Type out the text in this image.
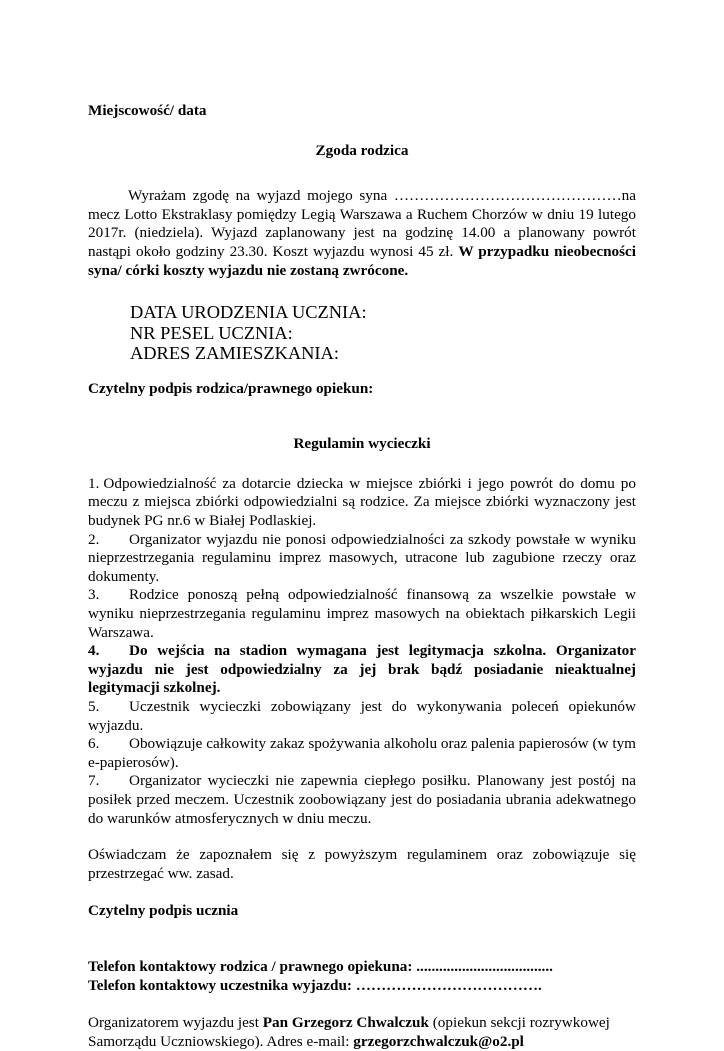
Miejscowość/ data

Zgoda rodzica

Wyrażam zgodę na wyjazd mojego syna ………………………………………na mecz Lotto Ekstraklasy pomiędzy Legią Warszawa a Ruchem Chorzów w dniu 19 lutego 2017r. (niedziela). Wyjazd zaplanowany jest na godzinę 14.00 a planowany powrót nastąpi około godziny 23.30. Koszt wyjazdu wynosi 45 zł. W przypadku nieobecności syna/ córki koszty wyjazdu nie zostaną zwrócone.

DATA URODZENIA UCZNIA:
NR PESEL UCZNIA:
ADRES ZAMIESZKANIA:

Czytelny podpis rodzica/prawnego opiekun:

Regulamin wycieczki

1. Odpowiedzialność za dotarcie dziecka w miejsce zbiórki i jego powrót do domu po meczu z miejsca zbiórki odpowiedzialni są rodzice. Za miejsce zbiórki wyznaczony jest budynek PG nr.6 w Białej Podlaskiej.

2. Organizator wyjazdu nie ponosi odpowiedzialności za szkody powstałe w wyniku nieprzestrzegania regulaminu imprez masowych, utracone lub zagubione rzeczy oraz dokumenty.

3. Rodzice ponoszą pełną odpowiedzialność finansową za wszelkie powstałe w wyniku nieprzestrzegania regulaminu imprez masowych na obiektach piłkarskich Legii Warszawa.

4. Do wejścia na stadion wymagana jest legitymacja szkolna. Organizator wyjazdu nie jest odpowiedzialny za jej brak bądź posiadanie nieaktualnej legitymacji szkolnej.

5. Uczestnik wycieczki zobowiązany jest do wykonywania poleceń opiekunów wyjazdu.

6. Obowiązuje całkowity zakaz spożywania alkoholu oraz palenia papierosów (w tym e-papierosów).

7. Organizator wycieczki nie zapewnia ciepłego posiłku. Planowany jest postój na posiłek przed meczem. Uczestnik zoobowiązany jest do posiadania ubrania adekwatnego do warunków atmosferycznych w dniu meczu.

Oświadczam że zapoznałem się z powyższym regulaminem oraz zobowiązuje się przestrzegać ww. zasad.

Czytelny podpis ucznia

Telefon kontaktowy rodzica / prawnego opiekuna: ....................................
Telefon kontaktowy uczestnika wyjazdu: ……………………………….

Organizatorem wyjazdu jest Pan Grzegorz Chwalczuk (opiekun sekcji rozrywkowej Samorządu Uczniowskiego). Adres e-mail: grzegorzchwalczuk@o2.pl
